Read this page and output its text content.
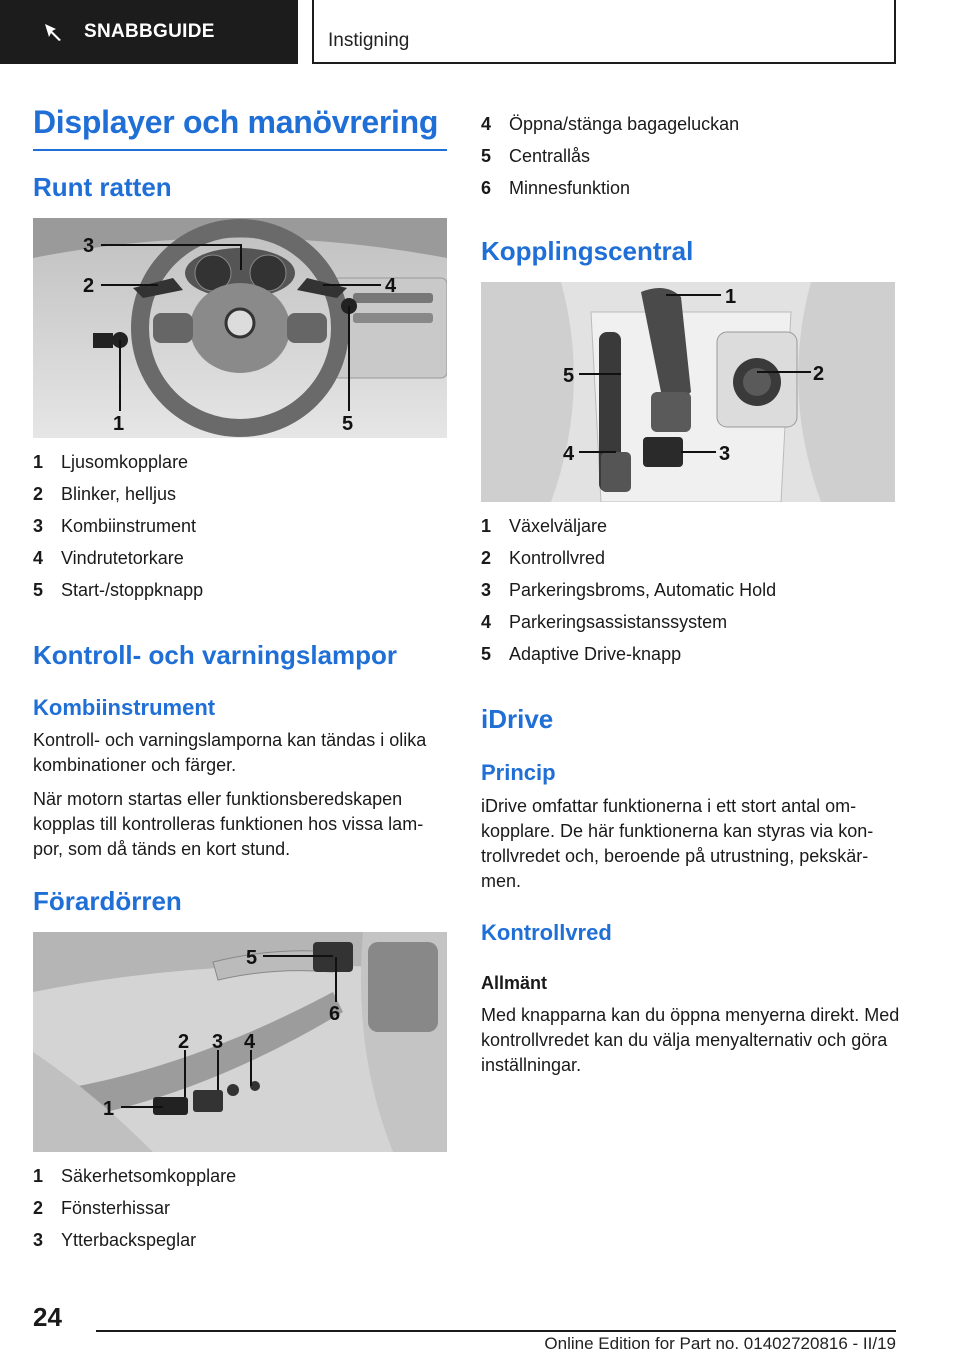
SNABBGUIDE	Instigning
Displayer och manövrering
Runt ratten
3
2	4
1	5
1 Ljusomkopplare
2 Blinker, helljus
3 Kombiinstrument
4 Vindrutetorkare
5 Start-/stoppknapp
Kontroll- och varningslampor
Kombiinstrument
Kontroll- och varningslamporna kan tändas i olika kombinationer och färger.
När motorn startas eller funktionsberedskapen kopplas till kontrolleras funktionen hos vissa lam-por, som då tänds en kort stund.
Förardörren
5
6
2 3 4
1
1 Säkerhetsomkopplare
2 Fönsterhissar
3 Ytterbackspeglar
4 Öppna/stänga bagageluckan
5 Centrallås
6 Minnesfunktion
Kopplingscentral
1
5	2
4	3
1 Växelväljare
2 Kontrollvred
3 Parkeringsbroms, Automatic Hold
4 Parkeringsassistanssystem
5 Adaptive Drive-knapp
iDrive
Princip
iDrive omfattar funktionerna i ett stort antal om-kopplare. De här funktionerna kan styras via kon-trollvredet och, beroende på utrustning, pekskär-men.
Kontrollvred
Allmänt
Med knapparna kan du öppna menyerna direkt. Med kontrollvredet kan du välja menyalternativ och göra inställningar.
24
Online Edition for Part no. 01402720816 - II/19
